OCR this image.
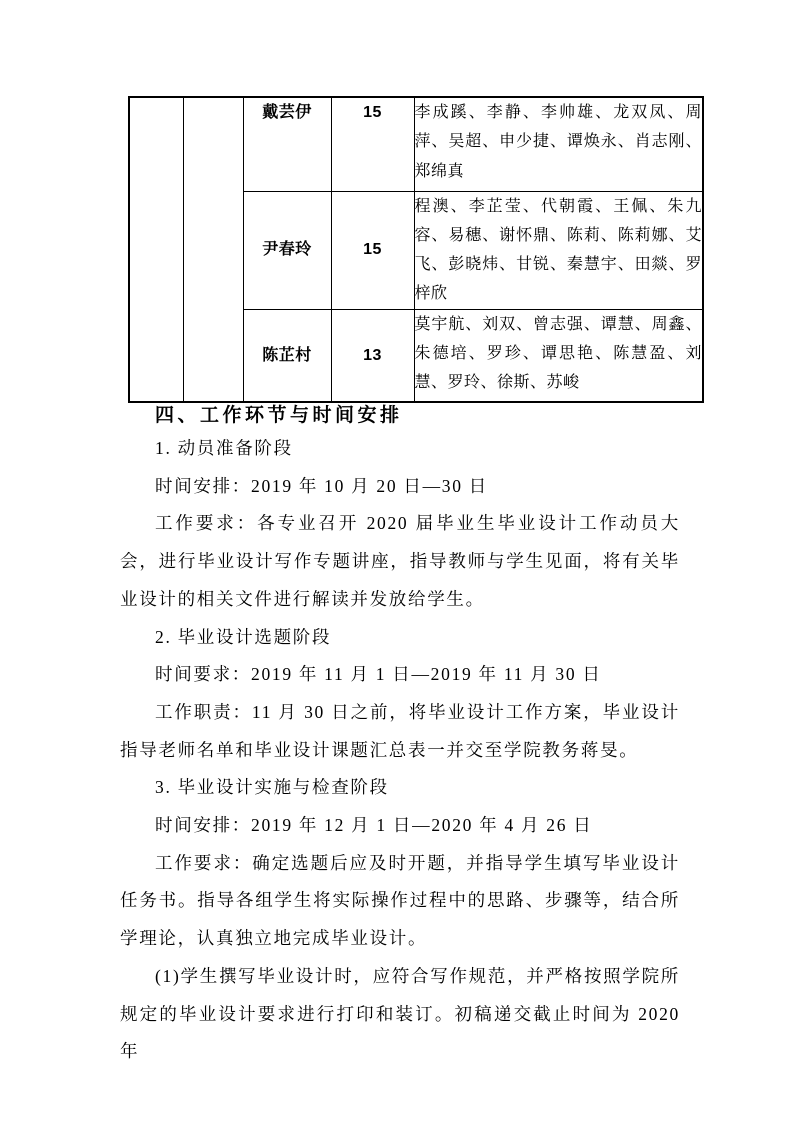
		戴芸伊	15	李成蹊、李静、李帅雄、龙双凤、周萍、吴超、申少捷、谭焕永、肖志刚、郑绵真
		尹春玲	15	程澳、李芷莹、代朝霞、王佩、朱九容、易穗、谢怀鼎、陈莉、陈莉娜、艾飞、彭晓炜、甘锐、秦慧宇、田燚、罗梓欣
		陈芷村	13	莫宇航、刘双、曾志强、谭慧、周鑫、朱德培、罗珍、谭思艳、陈慧盈、刘慧、罗玲、徐斯、苏峻
四、工作环节与时间安排

1. 动员准备阶段

时间安排：2019 年 10 月 20 日—30 日

工作要求：各专业召开 2020 届毕业生毕业设计工作动员大会，进行毕业设计写作专题讲座，指导教师与学生见面，将有关毕业设计的相关文件进行解读并发放给学生。

2. 毕业设计选题阶段

时间要求：2019 年 11 月 1 日—2019 年 11 月 30 日

工作职责：11 月 30 日之前，将毕业设计工作方案，毕业设计指导老师名单和毕业设计课题汇总表一并交至学院教务蒋旻。

3. 毕业设计实施与检查阶段

时间安排：2019 年 12 月 1 日—2020 年 4 月 26 日

工作要求：确定选题后应及时开题，并指导学生填写毕业设计任务书。指导各组学生将实际操作过程中的思路、步骤等，结合所学理论，认真独立地完成毕业设计。

(1)学生撰写毕业设计时，应符合写作规范，并严格按照学院所规定的毕业设计要求进行打印和装订。初稿递交截止时间为 2020 年
